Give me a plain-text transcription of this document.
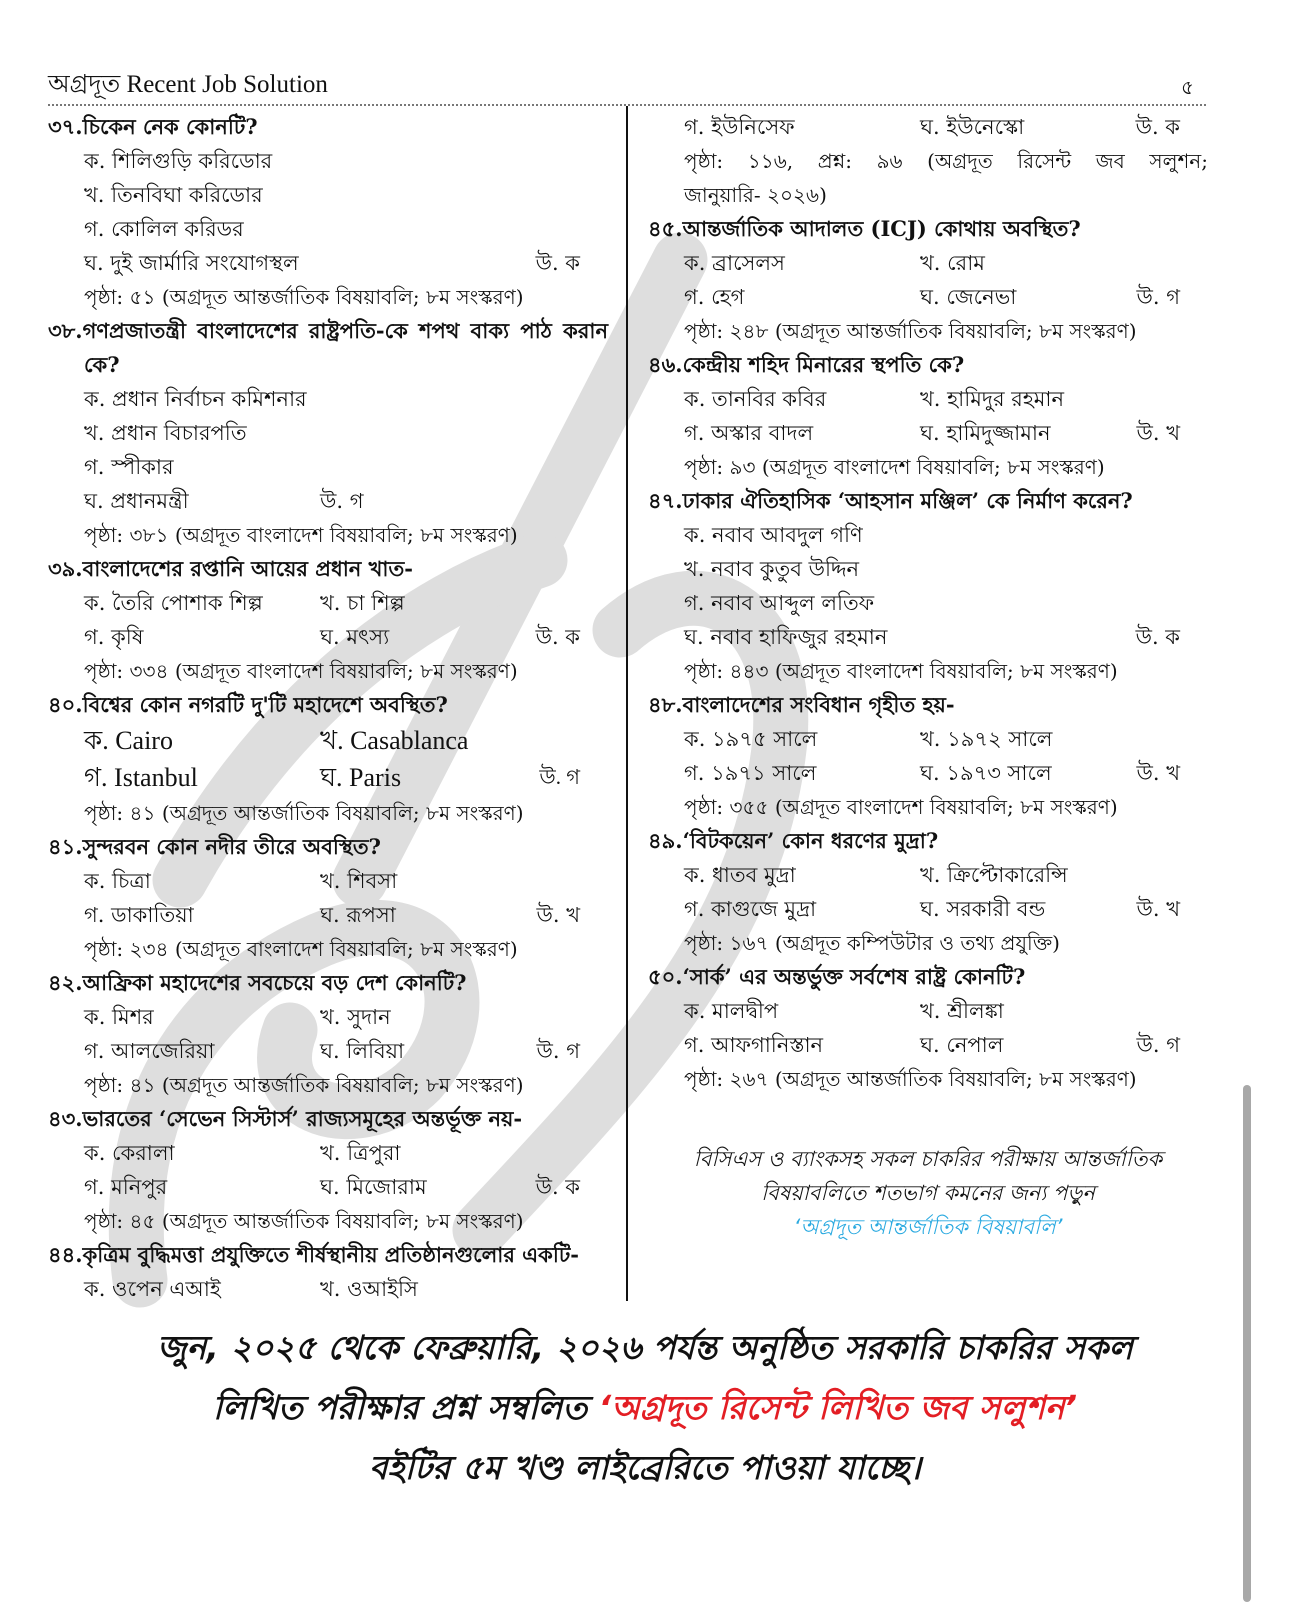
অগ্রদূত Recent Job Solution	৫
৩৭.চিকেন নেক কোনটি?
ক. শিলিগুড়ি করিডোর
খ. তিনবিঘা করিডোর
গ. কোলিল করিডর
ঘ. দুই জার্মারি সংযোগস্থল	উ. ক
পৃষ্ঠা: ৫১ (অগ্রদূত আন্তর্জাতিক বিষয়াবলি; ৮ম সংস্করণ)
৩৮.গণপ্রজাতন্ত্রী বাংলাদেশের রাষ্ট্রপতি-কে শপথ বাক্য পাঠ করান কে?
ক. প্রধান নির্বাচন কমিশনার
খ. প্রধান বিচারপতি
গ. স্পীকার
ঘ. প্রধানমন্ত্রী	উ. গ
পৃষ্ঠা: ৩৮১ (অগ্রদূত বাংলাদেশ বিষয়াবলি; ৮ম সংস্করণ)
৩৯.বাংলাদেশের রপ্তানি আয়ের প্রধান খাত-
ক. তৈরি পোশাক শিল্প	খ. চা শিল্প
গ. কৃষি	ঘ. মৎস্য	উ. ক
পৃষ্ঠা: ৩৩৪ (অগ্রদূত বাংলাদেশ বিষয়াবলি; ৮ম সংস্করণ)
৪০.বিশ্বের কোন নগরটি দু'টি মহাদেশে অবস্থিত?
ক. Cairo	খ. Casablanca
গ. Istanbul	ঘ. Paris	উ. গ
পৃষ্ঠা: ৪১ (অগ্রদূত আন্তর্জাতিক বিষয়াবলি; ৮ম সংস্করণ)
৪১.সুন্দরবন কোন নদীর তীরে অবস্থিত?
ক. চিত্রা	খ. শিবসা
গ. ডাকাতিয়া	ঘ. রূপসা	উ. খ
পৃষ্ঠা: ২৩৪ (অগ্রদূত বাংলাদেশ বিষয়াবলি; ৮ম সংস্করণ)
৪২.আফ্রিকা মহাদেশের সবচেয়ে বড় দেশ কোনটি?
ক. মিশর	খ. সুদান
গ. আলজেরিয়া	ঘ. লিবিয়া	উ. গ
পৃষ্ঠা: ৪১ (অগ্রদূত আন্তর্জাতিক বিষয়াবলি; ৮ম সংস্করণ)
৪৩.ভারতের ‘সেভেন সিস্টার্স’ রাজ্যসমূহের অন্তর্ভূক্ত নয়-
ক. কেরালা	খ. ত্রিপুরা
গ. মনিপুর	ঘ. মিজোরাম	উ. ক
পৃষ্ঠা: ৪৫ (অগ্রদূত আন্তর্জাতিক বিষয়াবলি; ৮ম সংস্করণ)
৪৪.কৃত্রিম বুদ্ধিমত্তা প্রযুক্তিতে শীর্ষস্থানীয় প্রতিষ্ঠানগুলোর একটি-
ক. ওপেন এআই	খ. ওআইসি
গ. ইউনিসেফ	ঘ. ইউনেস্কো	উ. ক
পৃষ্ঠা: ১১৬, প্রশ্ন: ৯৬ (অগ্রদূত রিসেন্ট জব সলুশন;
জানুয়ারি- ২০২৬)
৪৫.আন্তর্জাতিক আদালত (ICJ) কোথায় অবস্থিত?
ক. ব্রাসেলস	খ. রোম
গ. হেগ	ঘ. জেনেভা	উ. গ
পৃষ্ঠা: ২৪৮ (অগ্রদূত আন্তর্জাতিক বিষয়াবলি; ৮ম সংস্করণ)
৪৬.কেন্দ্রীয় শহিদ মিনারের স্থপতি কে?
ক. তানবির কবির	খ. হামিদুর রহমান
গ. অস্কার বাদল	ঘ. হামিদুজ্জামান	উ. খ
পৃষ্ঠা: ৯৩ (অগ্রদূত বাংলাদেশ বিষয়াবলি; ৮ম সংস্করণ)
৪৭.ঢাকার ঐতিহাসিক ‘আহসান মঞ্জিল’ কে নির্মাণ করেন?
ক. নবাব আবদুল গণি
খ. নবাব কুতুব উদ্দিন
গ. নবাব আব্দুল লতিফ
ঘ. নবাব হাফিজুর রহমান	উ. ক
পৃষ্ঠা: ৪৪৩ (অগ্রদূত বাংলাদেশ বিষয়াবলি; ৮ম সংস্করণ)
৪৮.বাংলাদেশের সংবিধান গৃহীত হয়-
ক. ১৯৭৫ সালে	খ. ১৯৭২ সালে
গ. ১৯৭১ সালে	ঘ. ১৯৭৩ সালে	উ. খ
পৃষ্ঠা: ৩৫৫ (অগ্রদূত বাংলাদেশ বিষয়াবলি; ৮ম সংস্করণ)
৪৯.‘বিটকয়েন’ কোন ধরণের মুদ্রা?
ক. ধাতব মুদ্রা	খ. ক্রিপ্টোকারেন্সি
গ. কাগুজে মুদ্রা	ঘ. সরকারী বন্ড	উ. খ
পৃষ্ঠা: ১৬৭ (অগ্রদূত কম্পিউটার ও তথ্য প্রযুক্তি)
৫০.‘সার্ক’ এর অন্তর্ভুক্ত সর্বশেষ রাষ্ট্র কোনটি?
ক. মালদ্বীপ	খ. শ্রীলঙ্কা
গ. আফগানিস্তান	ঘ. নেপাল	উ. গ
পৃষ্ঠা: ২৬৭ (অগ্রদূত আন্তর্জাতিক বিষয়াবলি; ৮ম সংস্করণ)
বিসিএস ও ব্যাংকসহ সকল চাকরির পরীক্ষায় আন্তর্জাতিক
বিষয়াবলিতে শতভাগ কমনের জন্য পড়ুন
‘অগ্রদূত আন্তর্জাতিক বিষয়াবলি’
জুন, ২০২৫ থেকে ফেব্রুয়ারি, ২০২৬ পর্যন্ত অনুষ্ঠিত সরকারি চাকরির সকল
লিখিত পরীক্ষার প্রশ্ন সম্বলিত ‘অগ্রদূত রিসেন্ট লিখিত জব সলুশন’
বইটির ৫ম খণ্ড লাইব্রেরিতে পাওয়া যাচ্ছে।
